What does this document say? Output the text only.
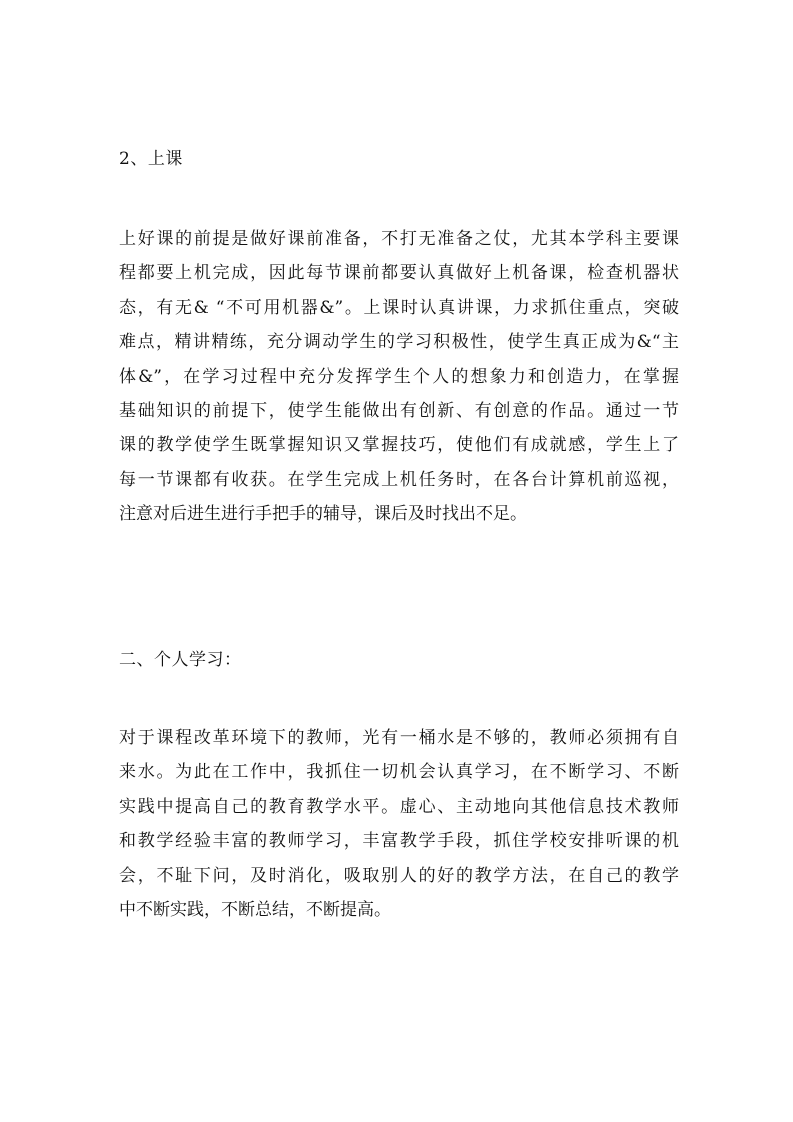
2、上课
上好课的前提是做好课前准备，不打无准备之仗，尤其本学科主要课
程都要上机完成，因此每节课前都要认真做好上机备课，检查机器状
态，有无& “不可用机器&”。上课时认真讲课，力求抓住重点，突破
难点，精讲精练，充分调动学生的学习积极性，使学生真正成为&“主
体&”，在学习过程中充分发挥学生个人的想象力和创造力，在掌握
基础知识的前提下，使学生能做出有创新、有创意的作品。通过一节
课的教学使学生既掌握知识又掌握技巧，使他们有成就感，学生上了
每一节课都有收获。在学生完成上机任务时，在各台计算机前巡视，
注意对后进生进行手把手的辅导，课后及时找出不足。
二、个人学习：
对于课程改革环境下的教师，光有一桶水是不够的，教师必须拥有自
来水。为此在工作中，我抓住一切机会认真学习，在不断学习、不断
实践中提高自己的教育教学水平。虚心、主动地向其他信息技术教师
和教学经验丰富的教师学习，丰富教学手段，抓住学校安排听课的机
会，不耻下问，及时消化，吸取别人的好的教学方法，在自己的教学
中不断实践，不断总结，不断提高。
